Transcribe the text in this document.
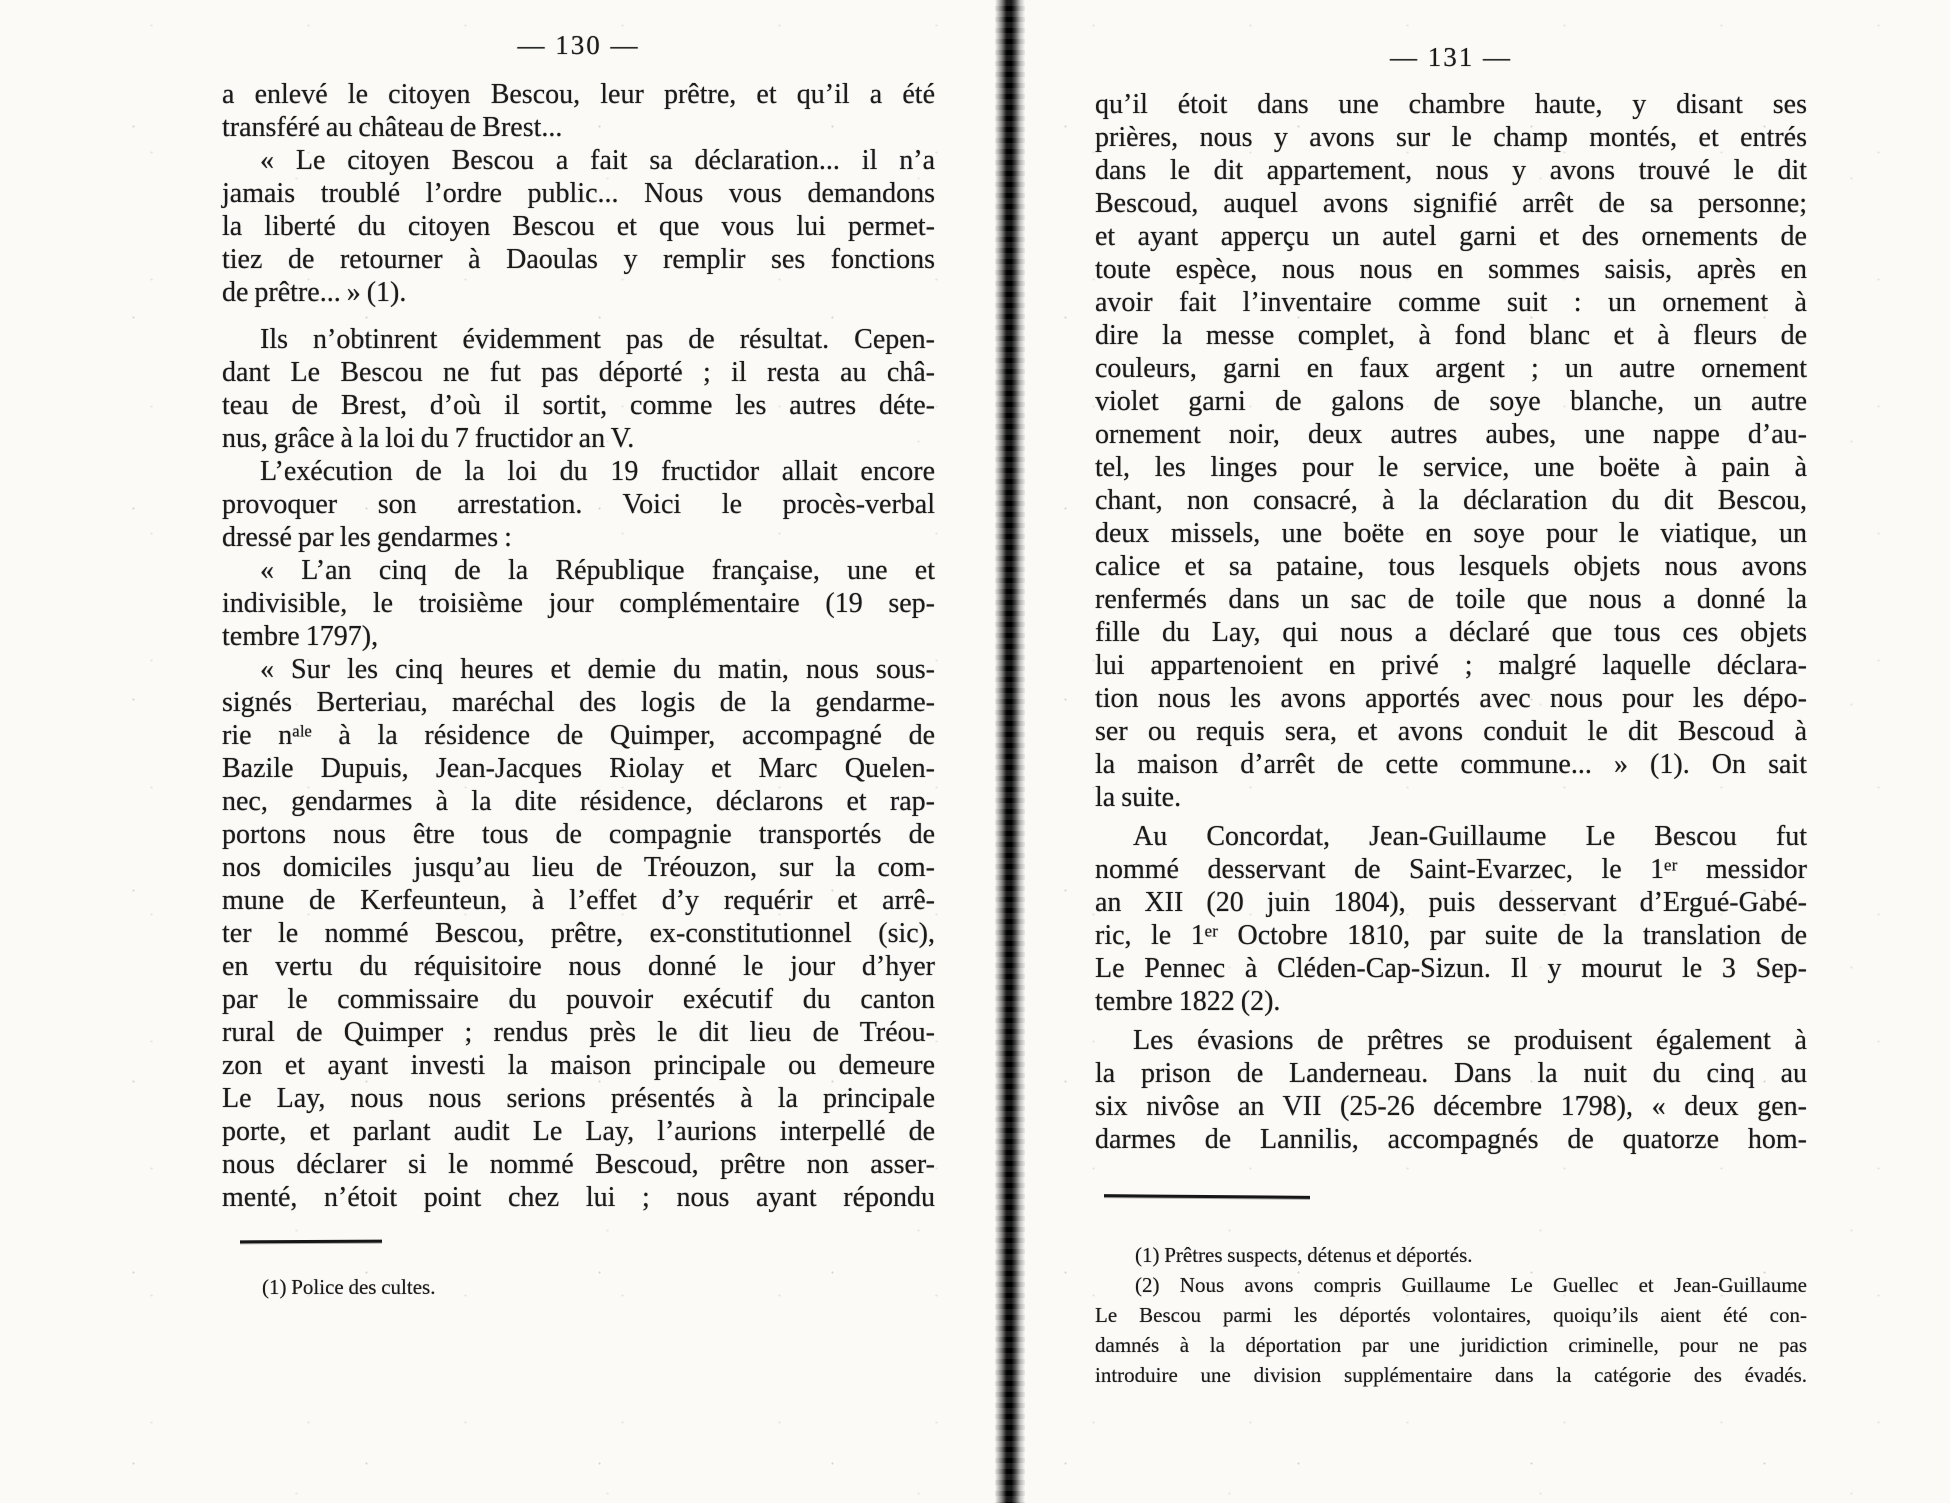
— 130 —
a enlevé le citoyen Bescou, leur prêtre, et qu’il a été
transféré au château de Brest...
« Le citoyen Bescou a fait sa déclaration... il n’a
jamais troublé l’ordre public... Nous vous demandons
la liberté du citoyen Bescou et que vous lui permet-
tiez de retourner à Daoulas y remplir ses fonctions
de prêtre... » (1).
Ils n’obtinrent évidemment pas de résultat. Cepen-
dant Le Bescou ne fut pas déporté ; il resta au châ-
teau de Brest, d’où il sortit, comme les autres déte-
nus, grâce à la loi du 7 fructidor an V.
L’exécution de la loi du 19 fructidor allait encore
provoquer son arrestation. Voici le procès-verbal
dressé par les gendarmes :
« L’an cinq de la République française, une et
indivisible, le troisième jour complémentaire (19 sep-
tembre 1797),
« Sur les cinq heures et demie du matin, nous sous-
signés Berteriau, maréchal des logis de la gendarme-
rie nᵃˡᵉ à la résidence de Quimper, accompagné de
Bazile Dupuis, Jean-Jacques Riolay et Marc Quelen-
nec, gendarmes à la dite résidence, déclarons et rap-
portons nous être tous de compagnie transportés de
nos domiciles jusqu’au lieu de Tréouzon, sur la com-
mune de Kerfeunteun, à l’effet d’y requérir et arrê-
ter le nommé Bescou, prêtre, ex-constitutionnel (sic),
en vertu du réquisitoire nous donné le jour d’hyer
par le commissaire du pouvoir exécutif du canton
rural de Quimper ; rendus près le dit lieu de Tréou-
zon et ayant investi la maison principale ou demeure
Le Lay, nous nous serions présentés à la principale
porte, et parlant audit Le Lay, l’aurions interpellé de
nous déclarer si le nommé Bescoud, prêtre non asser-
menté, n’étoit point chez lui ; nous ayant répondu
(1) Police des cultes.
— 131 —
qu’il étoit dans une chambre haute, y disant ses
prières, nous y avons sur le champ montés, et entrés
dans le dit appartement, nous y avons trouvé le dit
Bescoud, auquel avons signifié arrêt de sa personne;
et ayant apperçu un autel garni et des ornements de
toute espèce, nous nous en sommes saisis, après en
avoir fait l’inventaire comme suit : un ornement à
dire la messe complet, à fond blanc et à fleurs de
couleurs, garni en faux argent ; un autre ornement
violet garni de galons de soye blanche, un autre
ornement noir, deux autres aubes, une nappe d’au-
tel, les linges pour le service, une boëte à pain à
chant, non consacré, à la déclaration du dit Bescou,
deux missels, une boëte en soye pour le viatique, un
calice et sa pataine, tous lesquels objets nous avons
renfermés dans un sac de toile que nous a donné la
fille du Lay, qui nous a déclaré que tous ces objets
lui appartenoient en privé ; malgré laquelle déclara-
tion nous les avons apportés avec nous pour les dépo-
ser ou requis sera, et avons conduit le dit Bescoud à
la maison d’arrêt de cette commune... » (1). On sait
la suite.
Au Concordat, Jean-Guillaume Le Bescou fut
nommé desservant de Saint-Evarzec, le 1ᵉʳ messidor
an XII (20 juin 1804), puis desservant d’Ergué-Gabé-
ric, le 1ᵉʳ Octobre 1810, par suite de la translation de
Le Pennec à Cléden-Cap-Sizun. Il y mourut le 3 Sep-
tembre 1822 (2).
Les évasions de prêtres se produisent également à
la prison de Landerneau. Dans la nuit du cinq au
six nivôse an VII (25-26 décembre 1798), « deux gen-
darmes de Lannilis, accompagnés de quatorze hom-
(1) Prêtres suspects, détenus et déportés.
(2) Nous avons compris Guillaume Le Guellec et Jean-Guillaume
Le Bescou parmi les déportés volontaires, quoiqu’ils aient été con-
damnés à la déportation par une juridiction criminelle, pour ne pas
introduire une division supplémentaire dans la catégorie des évadés.
